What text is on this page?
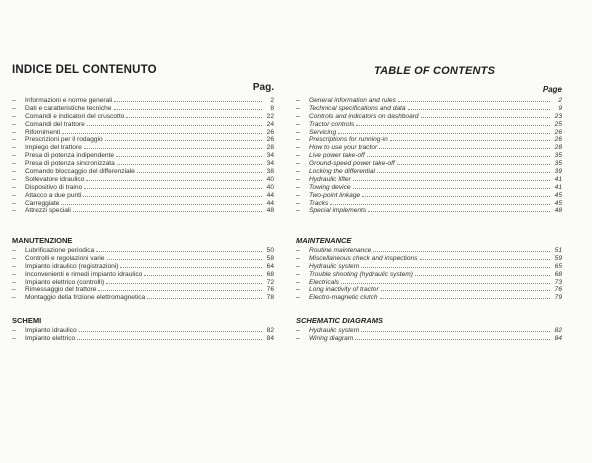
INDICE DEL CONTENUTO
Pag.
–	Informazioni e norme generali	2
–	Dati e caratteristiche tecniche	8
–	Comandi e indicatori del cruscotto	22
–	Comandi del trattore	24
–	Rifornimenti	26
–	Prescrizioni per il rodaggio	26
–	Impiego del trattore	28
–	Presa di potenza indipendente	34
–	Presa di potenza sincronizzata	34
–	Comando bloccaggio del differenziale	38
–	Sollevatore idraulico	40
–	Dispositivo di traino	40
–	Attacco a due punti	44
–	Carreggiate	44
–	Attrezzi speciali	48
MANUTENZIONE
–	Lubrificazione periodica	50
–	Controlli e regolazioni varie	58
–	Impianto idraulico (registrazioni)	64
–	Inconvenienti e rimedi impianto idraulico	68
–	Impianto elettrico (controlli)	72
–	Rimessaggio del trattore	76
–	Montaggio della frizione elettromagnetica	78
SCHEMI
–	Impianto idraulico	82
–	Impianto elettrico	84
TABLE OF CONTENTS
Page
–	General information and rules	2
–	Technical specifications and data	9
–	Controls and indicators on dashboard	23
–	Tractor controls	25
–	Servicing	26
–	Prescriptions for running-in	26
–	How to use your tractor	28
–	Live power take-off	35
–	Ground-speed power take-off	35
–	Locking the differential	39
–	Hydraulic lifter	41
–	Towing device	41
–	Two-point linkage	45
–	Tracks	45
–	Special implements	48
MAINTENANCE
–	Routine maintenance	51
–	Miscellaneous check and inspections	59
–	Hydraulic system	65
–	Trouble shooting (hydraulic system)	68
–	Electricals	73
–	Long inactivity of tractor	76
–	Electro-magnetic clutch	79
SCHEMATIC DIAGRAMS
–	Hydraulic system	82
–	Wiring diagram	84
